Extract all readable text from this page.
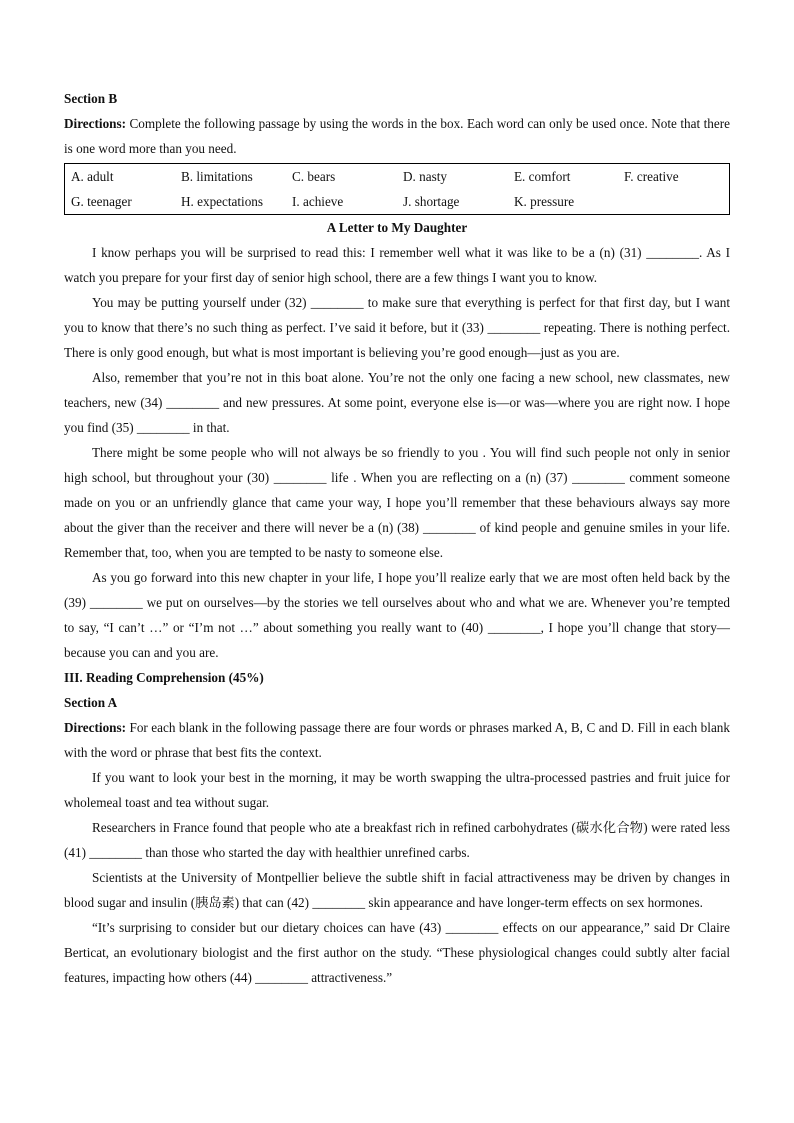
Section B

Directions: Complete the following passage by using the words in the box. Each word can only be used once. Note that there is one word more than you need.

A. adult	B. limitations	C. bears	D. nasty	E. comfort	F. creative
G. teenager	H. expectations	I. achieve	J. shortage	K. pressure

A Letter to My Daughter

I know perhaps you will be surprised to read this: I remember well what it was like to be a (n) (31) ________. As I watch you prepare for your first day of senior high school, there are a few things I want you to know.

You may be putting yourself under (32) ________ to make sure that everything is perfect for that first day, but I want you to know that there’s no such thing as perfect. I’ve said it before, but it (33) ________ repeating. There is nothing perfect. There is only good enough, but what is most important is believing you’re good enough—just as you are.

Also, remember that you’re not in this boat alone. You’re not the only one facing a new school, new classmates, new teachers, new (34) ________ and new pressures. At some point, everyone else is—or was—where you are right now. I hope you find (35) ________ in that.

There might be some people who will not always be so friendly to you . You will find such people not only in senior high school, but throughout your (30) ________ life . When you are reflecting on a (n) (37) ________ comment someone made on you or an unfriendly glance that came your way, I hope you’ll remember that these behaviours always say more about the giver than the receiver and there will never be a (n) (38) ________ of kind people and genuine smiles in your life. Remember that, too, when you are tempted to be nasty to someone else.

As you go forward into this new chapter in your life, I hope you’ll realize early that we are most often held back by the (39) ________ we put on ourselves—by the stories we tell ourselves about who and what we are. Whenever you’re tempted to say, “I can’t …” or “I’m not …” about something you really want to (40) ________, I hope you’ll change that story—because you can and you are.

III. Reading Comprehension (45%)

Section A

Directions: For each blank in the following passage there are four words or phrases marked A, B, C and D. Fill in each blank with the word or phrase that best fits the context.

If you want to look your best in the morning, it may be worth swapping the ultra-processed pastries and fruit juice for wholemeal toast and tea without sugar.

Researchers in France found that people who ate a breakfast rich in refined carbohydrates (碳水化合物) were rated less (41) ________ than those who started the day with healthier unrefined carbs.

Scientists at the University of Montpellier believe the subtle shift in facial attractiveness may be driven by changes in blood sugar and insulin (胰岛素) that can (42) ________ skin appearance and have longer-term effects on sex hormones.

“It’s surprising to consider but our dietary choices can have (43) ________ effects on our appearance,” said Dr Claire Berticat, an evolutionary biologist and the first author on the study. “These physiological changes could subtly alter facial features, impacting how others (44) ________ attractiveness.”
